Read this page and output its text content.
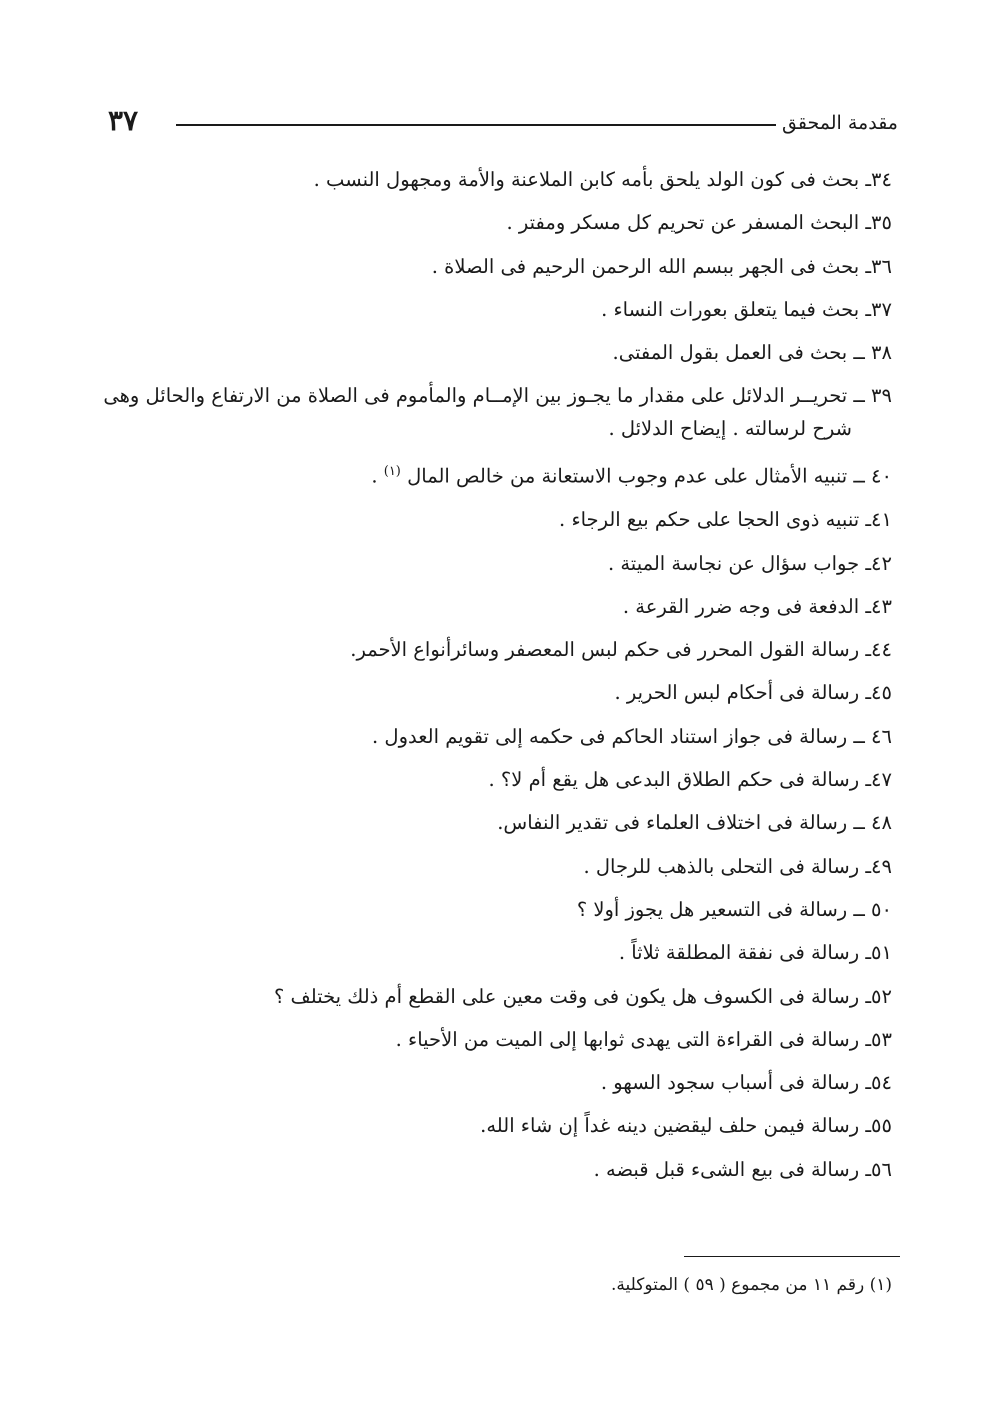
٣٧	مقدمة المحقق
٣٤ـ بحث فى كون الولد يلحق بأمه كابن الملاعنة والأمة ومجهول النسب .
٣٥ـ البحث المسفر عن تحريم كل مسكر ومفتر .
٣٦ـ بحث فى الجهر ببسم الله الرحمن الرحيم فى الصلاة .
٣٧ـ بحث فيما يتعلق بعورات النساء .
٣٨ ــ بحث فى العمل بقول المفتى.
٣٩ ــ تحريــر الدلائل على مقدار ما يجـوز بين الإمــام والمأموم فى الصلاة من الارتفاع والحائل وهى شرح لرسالته . إيضاح الدلائل .
٤٠ ــ تنبيه الأمثال على عدم وجوب الاستعانة من خالص المال $^{(١)}$ .
٤١ـ تنبيه ذوى الحجا على حكم بيع الرجاء .
٤٢ـ جواب سؤال عن نجاسة الميتة .
٤٣ـ الدفعة فى وجه ضرر القرعة .
٤٤ـ رسالة القول المحرر فى حكم لبس المعصفر وسائرأنواع الأحمر.
٤٥ـ رسالة فى أحكام لبس الحرير .
٤٦ ــ رسالة فى جواز استناد الحاكم فى حكمه إلى تقويم العدول .
٤٧ـ رسالة فى حكم الطلاق البدعى هل يقع أم لا؟ .
٤٨ ــ رسالة فى اختلاف العلماء فى تقدير النفاس.
٤٩ـ رسالة فى التحلى بالذهب للرجال .
٥٠ ــ رسالة فى التسعير هل يجوز أولا ؟
٥١ـ رسالة فى نفقة المطلقة ثلاثاً .
٥٢ـ رسالة فى الكسوف هل يكون فى وقت معين على القطع أم ذلك يختلف ؟
٥٣ـ رسالة فى القراءة التى يهدى ثوابها إلى الميت من الأحياء .
٥٤ـ رسالة فى أسباب سجود السهو .
٥٥ـ رسالة فيمن حلف ليقضين دينه غداً إن شاء الله.
٥٦ـ رسالة فى بيع الشىء قبل قبضه .
(١) رقم ١١ من مجموع ( ٥٩ ) المتوكلية.
